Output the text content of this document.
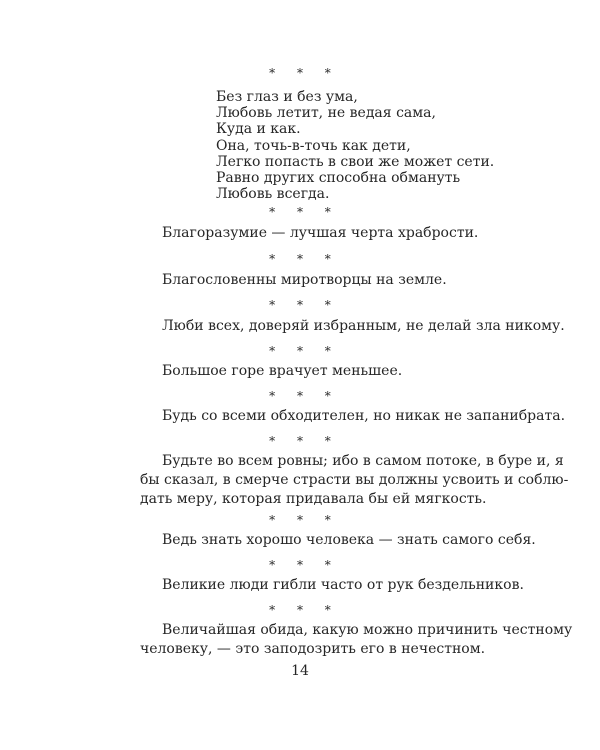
* * *
Без глаз и без ума,
Любовь летит, не ведая сама,
Куда и как.
Она, точь-в-точь как дети,
Легко попасть в свои же может сети.
Равно других способна обмануть
Любовь всегда.
* * *
Благоразумие — лучшая черта храбрости.
* * *
Благословенны миротворцы на земле.
* * *
Люби всех, доверяй избранным, не делай зла никому.
* * *
Большое горе врачует меньшее.
* * *
Будь со всеми обходителен, но никак не запанибрата.
* * *
Будьте во всем ровны; ибо в самом потоке, в буре и, я
бы сказал, в смерче страсти вы должны усвоить и соблю-
дать меру, которая придавала бы ей мягкость.
* * *
Ведь знать хорошо человека — знать самого себя.
* * *
Великие люди гибли часто от рук бездельников.
* * *
Величайшая обида, какую можно причинить честному
человеку, — это заподозрить его в нечестном.
14
